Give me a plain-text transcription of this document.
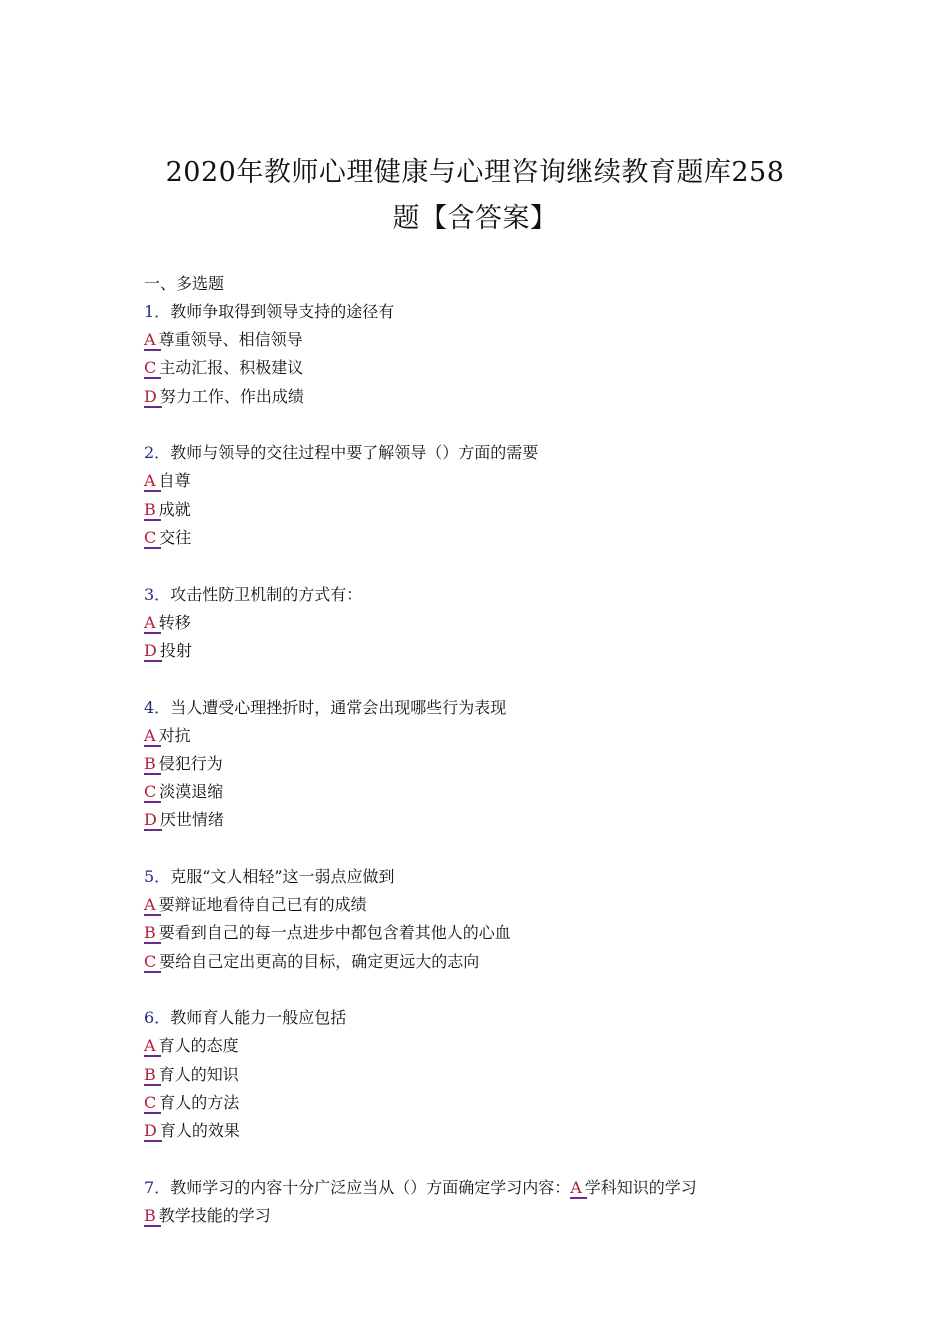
2020年教师心理健康与心理咨询继续教育题库258
题【含答案】
一、多选题
1．教师争取得到领导支持的途径有
A 尊重领导、相信领导
C 主动汇报、积极建议
D 努力工作、作出成绩
2．教师与领导的交往过程中要了解领导（）方面的需要
A 自尊
B 成就
C 交往
3．攻击性防卫机制的方式有：
A 转移
D 投射
4．当人遭受心理挫折时，通常会出现哪些行为表现
A 对抗
B 侵犯行为
C 淡漠退缩
D 厌世情绪
5．克服“文人相轻”这一弱点应做到
A 要辩证地看待自己已有的成绩
B 要看到自己的每一点进步中都包含着其他人的心血
C 要给自己定出更高的目标，确定更远大的志向
6．教师育人能力一般应包括
A 育人的态度
B 育人的知识
C 育人的方法
D 育人的效果
7．教师学习的内容十分广泛应当从（）方面确定学习内容：A 学科知识的学习
B 教学技能的学习
